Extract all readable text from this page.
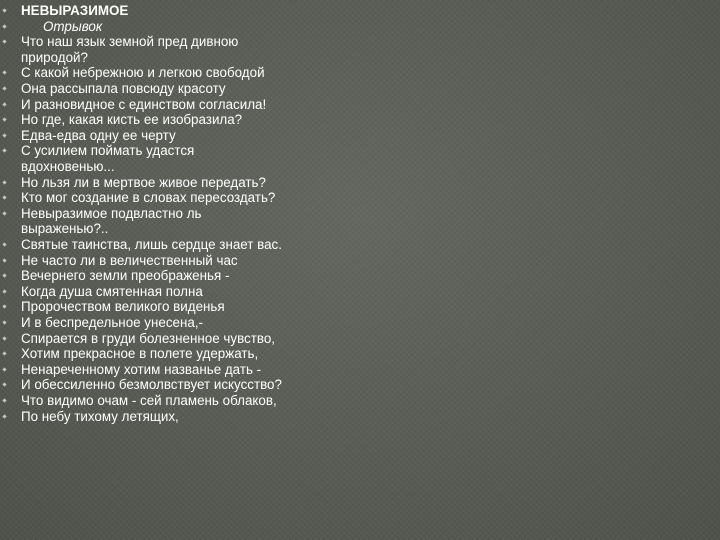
НЕВЫРАЗИМОЕ
Отрывок
Что наш язык земной пред дивною
природой?
С какой небрежною и легкою свободой
Она рассыпала повсюду красоту
И разновидное с единством согласила!
Но где, какая кисть ее изобразила?
Едва-едва одну ее черту
С усилием поймать удастся
вдохновенью...
Но льзя ли в мертвое живое передать?
Кто мог создание в словах пересоздать?
Невыразимое подвластно ль
выраженью?..
Святые таинства, лишь сердце знает вас.
Не часто ли в величественный час
Вечернего земли преображенья -
Когда душа смятенная полна
Пророчеством великого виденья
И в беспредельное унесена,-
Спирается в груди болезненное чувство,
Хотим прекрасное в полете удержать,
Ненареченному хотим названье дать -
И обессиленно безмолвствует искусство?
Что видимо очам - сей пламень облаков,
По небу тихому летящих,
